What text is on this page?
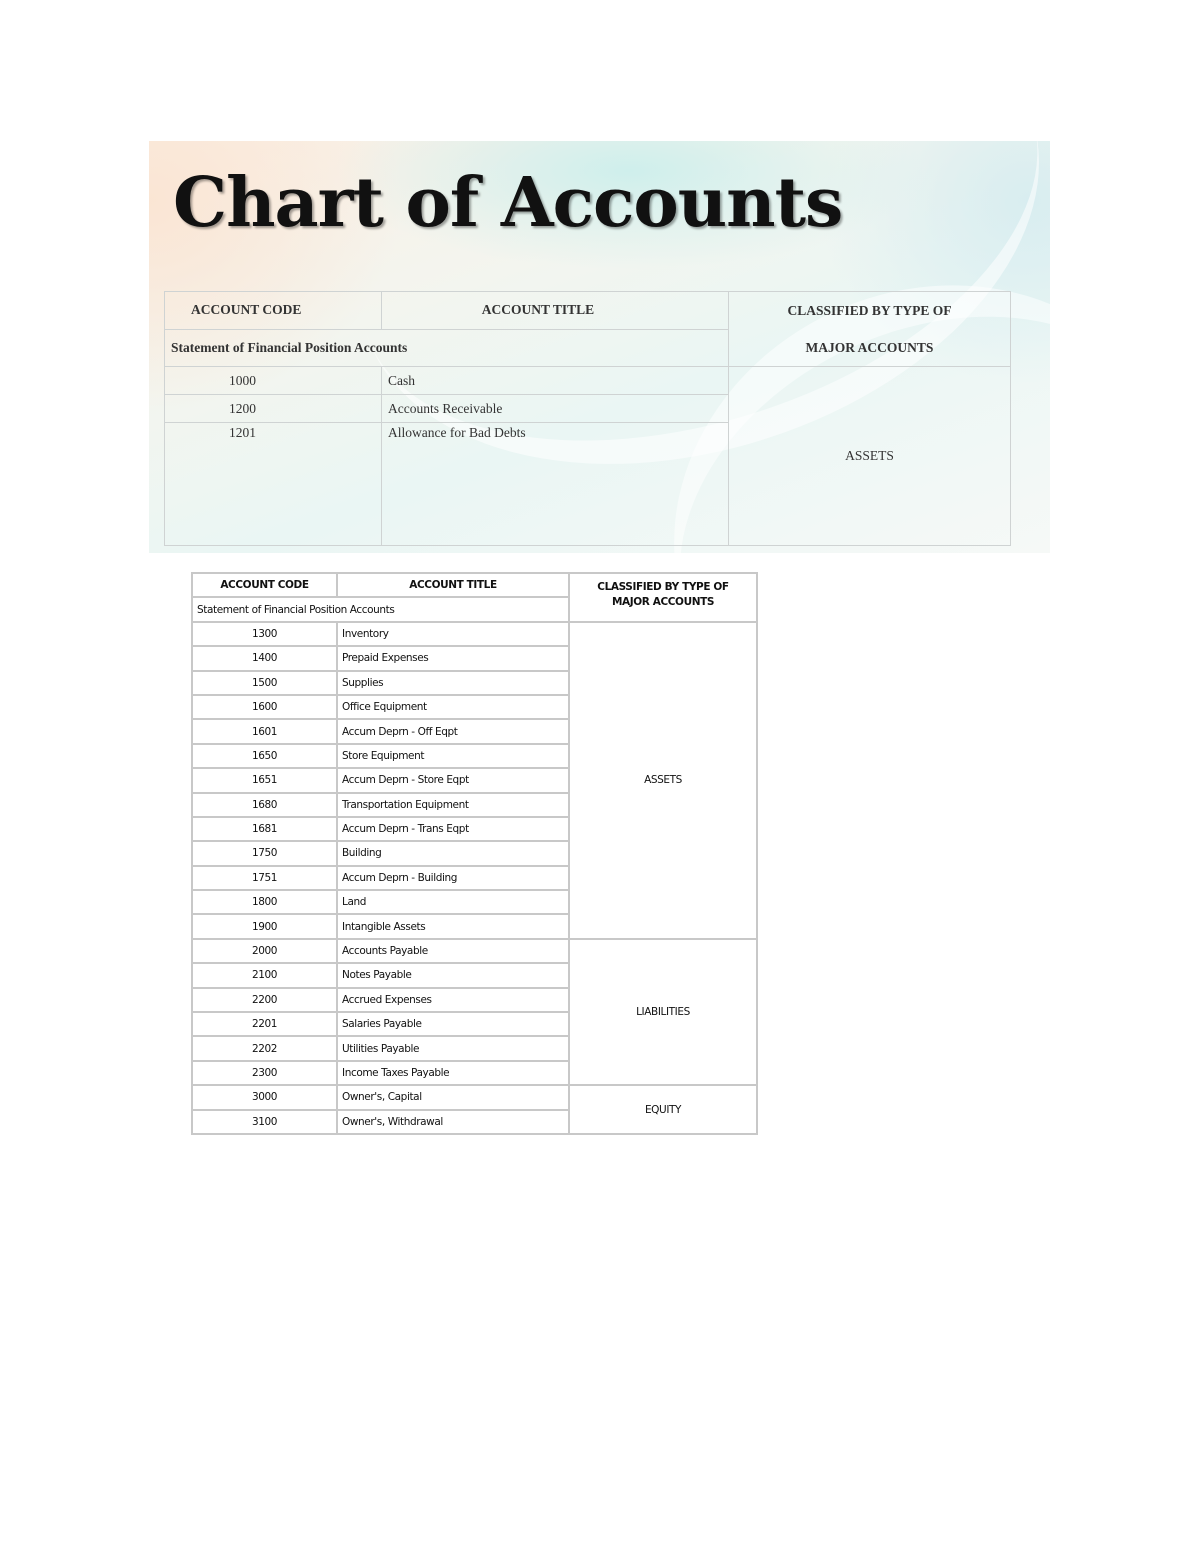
Chart of Accounts
ACCOUNT CODE	ACCOUNT TITLE	CLASSIFIED BY TYPE OF
MAJOR ACCOUNTS

Statement of Financial Position Accounts		
1000	Cash	ASSETS
1200	Accounts Receivable	
1201	Allowance for Bad Debts	
ACCOUNT CODE	ACCOUNT TITLE	CLASSIFIED BY TYPE OF
MAJOR ACCOUNTS

Statement of Financial Position Accounts		
1300	Inventory	ASSETS
1400	Prepaid Expenses	
1500	Supplies	
1600	Office Equipment	
1601	Accum Deprn - Off Eqpt	
1650	Store Equipment	
1651	Accum Deprn - Store Eqpt	
1680	Transportation Equipment	
1681	Accum Deprn - Trans Eqpt	
1750	Building	
1751	Accum Deprn - Building	
1800	Land	
1900	Intangible Assets	
2000	Accounts Payable	LIABILITIES
2100	Notes Payable	
2200	Accrued Expenses	
2201	Salaries Payable	
2202	Utilities Payable	
2300	Income Taxes Payable	
3000	Owner's, Capital	EQUITY
3100	Owner's, Withdrawal	
